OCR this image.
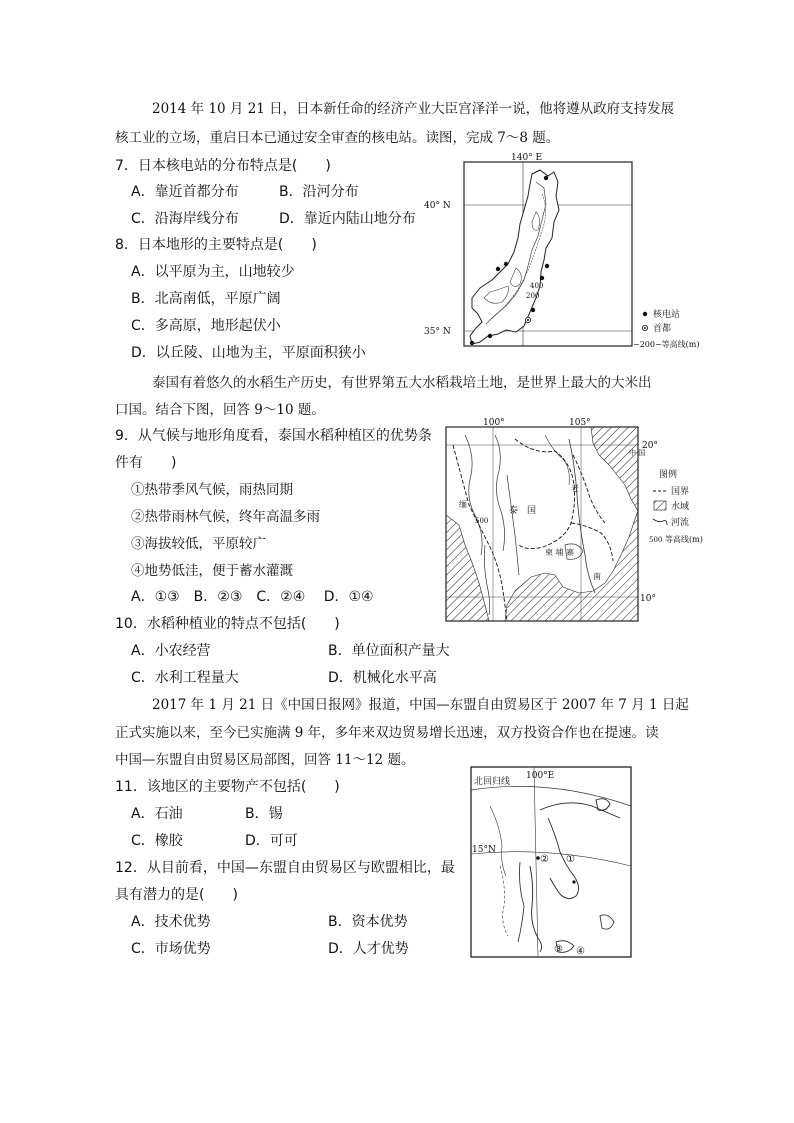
2014 年 10 月 21 日，日本新任命的经济产业大臣宫泽洋一说，他将遵从政府支持发展
核工业的立场，重启日本已通过安全审查的核电站。读图，完成 7～8 题。
7．日本核电站的分布特点是(　　)
A．靠近首都分布	B．沿河分布
C．沿海岸线分布	D．靠近内陆山地分布
8．日本地形的主要特点是(　　)
A．以平原为主，山地较少
B．北高南低，平原广阔
C．多高原，地形起伏小
D．以丘陵、山地为主，平原面积狭小
140° E
40° N
35° N
400
200
核电站
首都
~200~等高线(m)
泰国有着悠久的水稻生产历史，有世界第五大水稻栽培土地，是世界上最大的大米出
口国。结合下图，回答 9～10 题。
9．从气候与地形角度看，泰国水稻种植区的优势条
件有　　)
①热带季风气候，雨热同期
②热带雨林气候，终年高温多雨
③海拔较低，平原较广
④地势低洼，便于蓄水灌溉
A．①③　B．②③　C．②④　 D．①④
100°	105°
20°
10°
泰　国
柬 埔 寨
老
南
缅
中 国
500
图例
国界
水域
河流
500 等高线(m)
10．水稻种植业的特点不包括(　　)
A．小农经营	B．单位面积产量大
C．水利工程量大	D．机械化水平高
2017 年 1 月 21 日《中国日报网》报道，中国—东盟自由贸易区于 2007 年 7 月 1 日起
正式实施以来，至今已实施满 9 年，多年来双边贸易增长迅速，双方投资合作也在提速。读
中国—东盟自由贸易区局部图，回答 11～12 题。
11．该地区的主要物产不包括(　　)
A．石油	B．锡
C．橡胶	D．可可
12．从目前看，中国—东盟自由贸易区与欧盟相比，最
具有潜力的是(　　)
A．技术优势	B．资本优势
C．市场优势	D．人才优势
北回归线
100°E
15°N
② ①
③ ④
